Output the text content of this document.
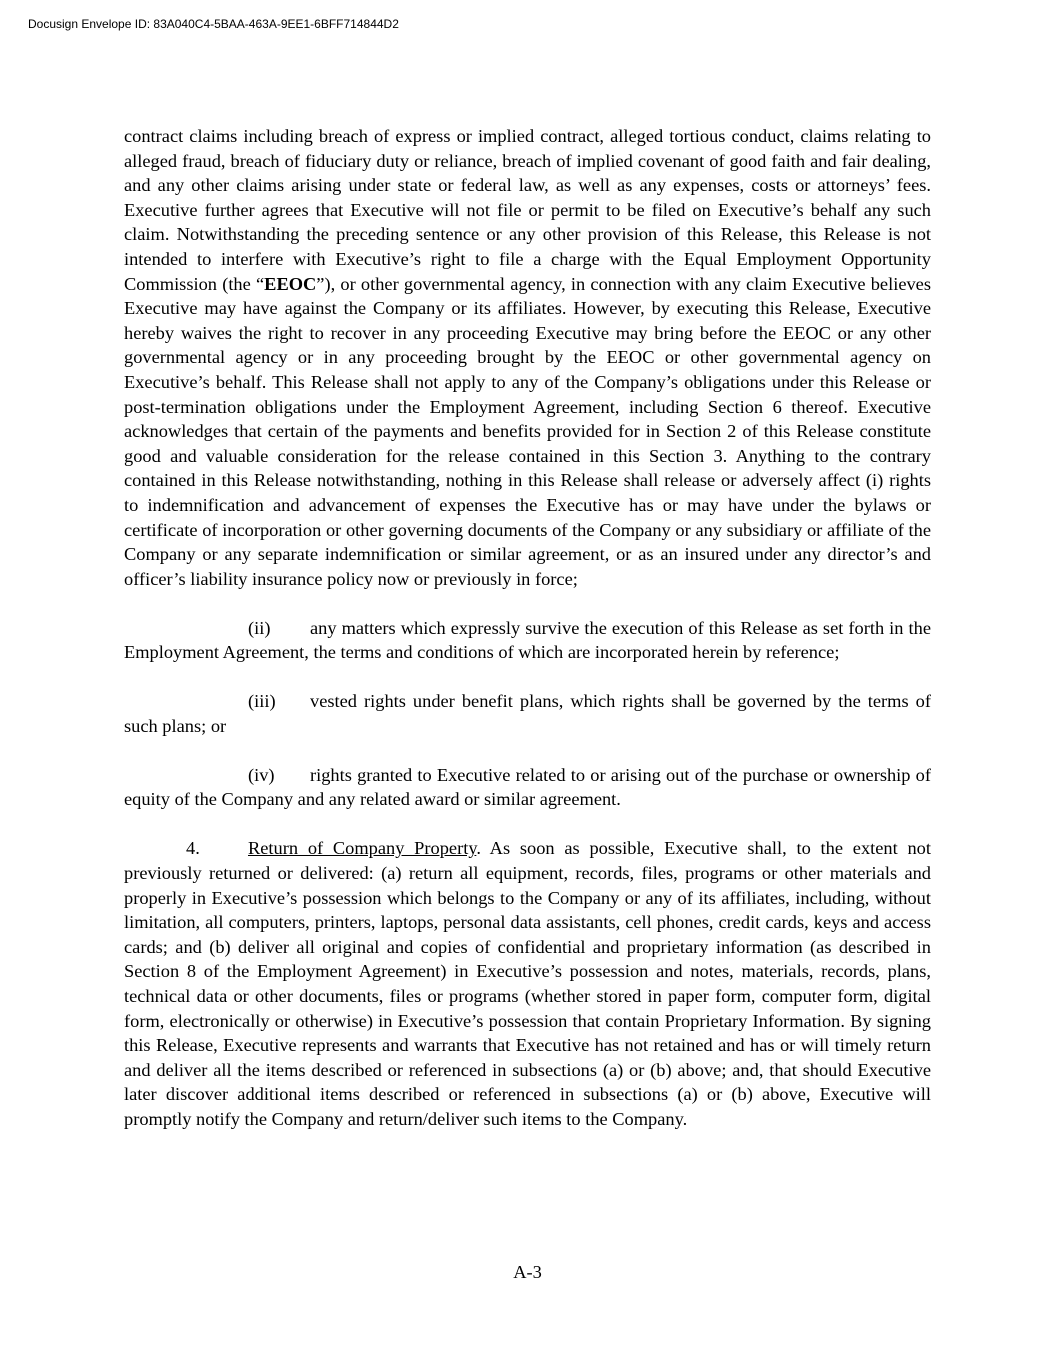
Docusign Envelope ID: 83A040C4-5BAA-463A-9EE1-6BFF714844D2

contract claims including breach of express or implied contract, alleged tortious conduct, claims relating to alleged fraud, breach of fiduciary duty or reliance, breach of implied covenant of good faith and fair dealing, and any other claims arising under state or federal law, as well as any expenses, costs or attorneys’ fees. Executive further agrees that Executive will not file or permit to be filed on Executive’s behalf any such claim. Notwithstanding the preceding sentence or any other provision of this Release, this Release is not intended to interfere with Executive’s right to file a charge with the Equal Employment Opportunity Commission (the “EEOC”), or other governmental agency, in connection with any claim Executive believes Executive may have against the Company or its affiliates. However, by executing this Release, Executive hereby waives the right to recover in any proceeding Executive may bring before the EEOC or any other governmental agency or in any proceeding brought by the EEOC or other governmental agency on Executive’s behalf. This Release shall not apply to any of the Company’s obligations under this Release or post-termination obligations under the Employment Agreement, including Section 6 thereof. Executive acknowledges that certain of the payments and benefits provided for in Section 2 of this Release constitute good and valuable consideration for the release contained in this Section 3. Anything to the contrary contained in this Release notwithstanding, nothing in this Release shall release or adversely affect (i) rights to indemnification and advancement of expenses the Executive has or may have under the bylaws or certificate of incorporation or other governing documents of the Company or any subsidiary or affiliate of the Company or any separate indemnification or similar agreement, or as an insured under any director’s and officer’s liability insurance policy now or previously in force;

(ii) any matters which expressly survive the execution of this Release as set forth in the Employment Agreement, the terms and conditions of which are incorporated herein by reference;

(iii) vested rights under benefit plans, which rights shall be governed by the terms of such plans; or

(iv) rights granted to Executive related to or arising out of the purchase or ownership of equity of the Company and any related award or similar agreement.

4.	Return of Company Property. As soon as possible, Executive shall, to the extent not previously returned or delivered: (a) return all equipment, records, files, programs or other materials and properly in Executive’s possession which belongs to the Company or any of its affiliates, including, without limitation, all computers, printers, laptops, personal data assistants, cell phones, credit cards, keys and access cards; and (b) deliver all original and copies of confidential and proprietary information (as described in Section 8 of the Employment Agreement) in Executive’s possession and notes, materials, records, plans, technical data or other documents, files or programs (whether stored in paper form, computer form, digital form, electronically or otherwise) in Executive’s possession that contain Proprietary Information. By signing this Release, Executive represents and warrants that Executive has not retained and has or will timely return and deliver all the items described or referenced in subsections (a) or (b) above; and, that should Executive later discover additional items described or referenced in subsections (a) or (b) above, Executive will promptly notify the Company and return/deliver such items to the Company.

A-3
